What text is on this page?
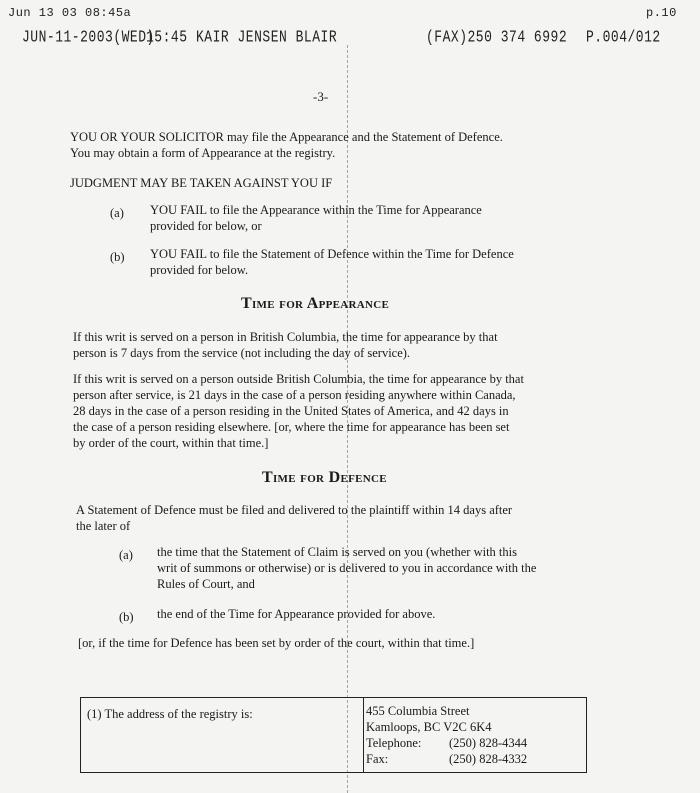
Jun 13 03 08:45a	p.10
JUN-11-2003(WED)
15:45 KAIR JENSEN BLAIR	(FAX)250 374 6992 P.004/012
-3-

YOU OR YOUR SOLICITOR may file the Appearance and the Statement of Defence.

You may obtain a form of Appearance at the registry.

JUDGMENT MAY BE TAKEN AGAINST YOU IF

(a) YOU FAIL to file the Appearance within the Time for Appearance

provided for below, or

(b) YOU FAIL to file the Statement of Defence within the Time for Defence

provided for below.

Time for Appearance

If this writ is served on a person in British Columbia, the time for appearance by that

person is 7 days from the service (not including the day of service).

If this writ is served on a person outside British Columbia, the time for appearance by that

person after service, is 21 days in the case of a person residing anywhere within Canada,

28 days in the case of a person residing in the United States of America, and 42 days in

the case of a person residing elsewhere. [or, where the time for appearance has been set

by order of the court, within that time.]

Time for Defence

A Statement of Defence must be filed and delivered to the plaintiff within 14 days after

the later of

(a) the time that the Statement of Claim is served on you (whether with this

writ of summons or otherwise) or is delivered to you in accordance with the

Rules of Court, and

(b) the end of the Time for Appearance provided for above.

[or, if the time for Defence has been set by order of the court, within that time.]

(1) The address of the registry is:	455 Columbia Street
Kamloops, BC V2C 6K4
Telephone: (250) 828-4344
Fax:	(250) 828-4332
